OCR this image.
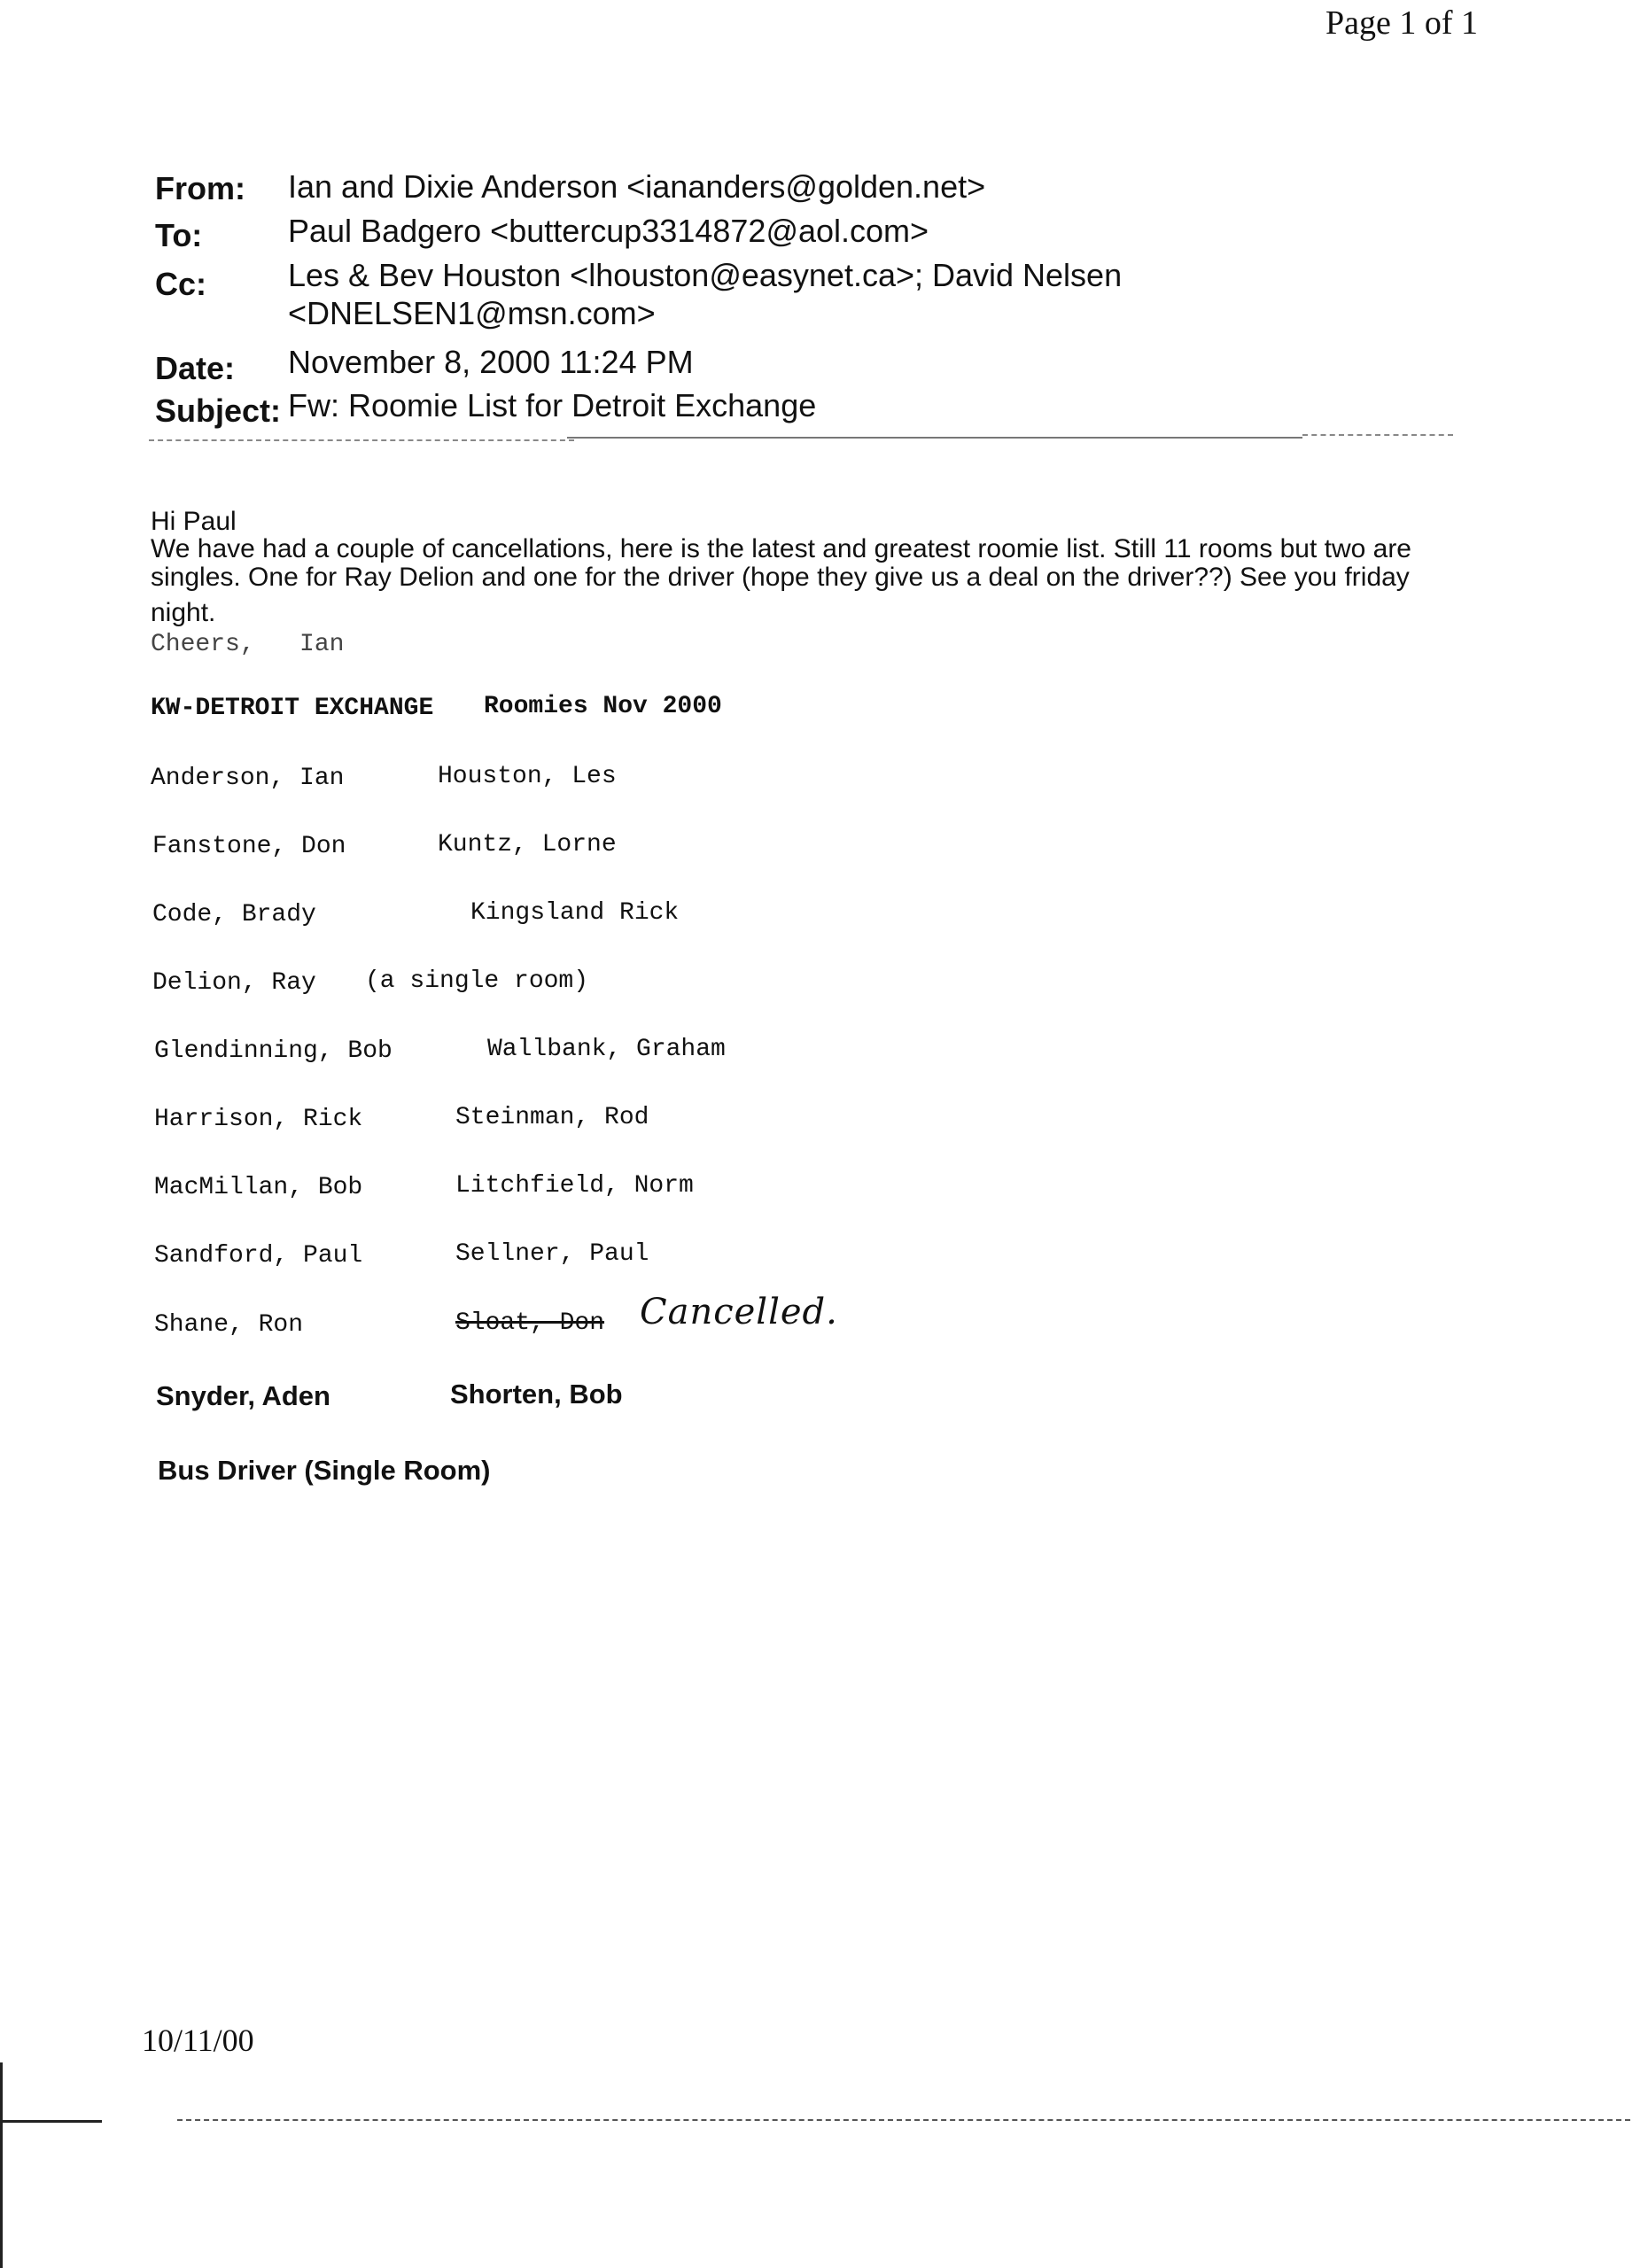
Page 1 of 1
From: Ian and Dixie Anderson <iananders@golden.net>
To:	Paul Badgero <buttercup3314872@aol.com>
Cc:	Les & Bev Houston <lhouston@easynet.ca>; David Nelsen
<DNELSEN1@msn.com>
Date: November 8, 2000 11:24 PM
Subject: Fw: Roomie List for Detroit Exchange
Hi Paul
We have had a couple of cancellations, here is the latest and greatest roomie list. Still 11 rooms but two are
singles. One for Ray Delion and one for the driver (hope they give us a deal on the driver??) See you friday
night.
Cheers,   Ian
KW-DETROIT EXCHANGE Roomies Nov 2000
Anderson, Ian	Houston, Les
Fanstone, Don	Kuntz, Lorne
Code, Brady	Kingsland Rick
Delion, Ray (a single room)
Glendinning, Bob	Wallbank, Graham
Harrison, Rick	Steinman, Rod
MacMillan, Bob	Litchfield, Norm
Sandford, Paul	Sellner, Paul
Shane, Ron	Sloat, Don Cancelled.
Snyder, Aden	Shorten, Bob
Bus Driver (Single Room)
10/11/00
